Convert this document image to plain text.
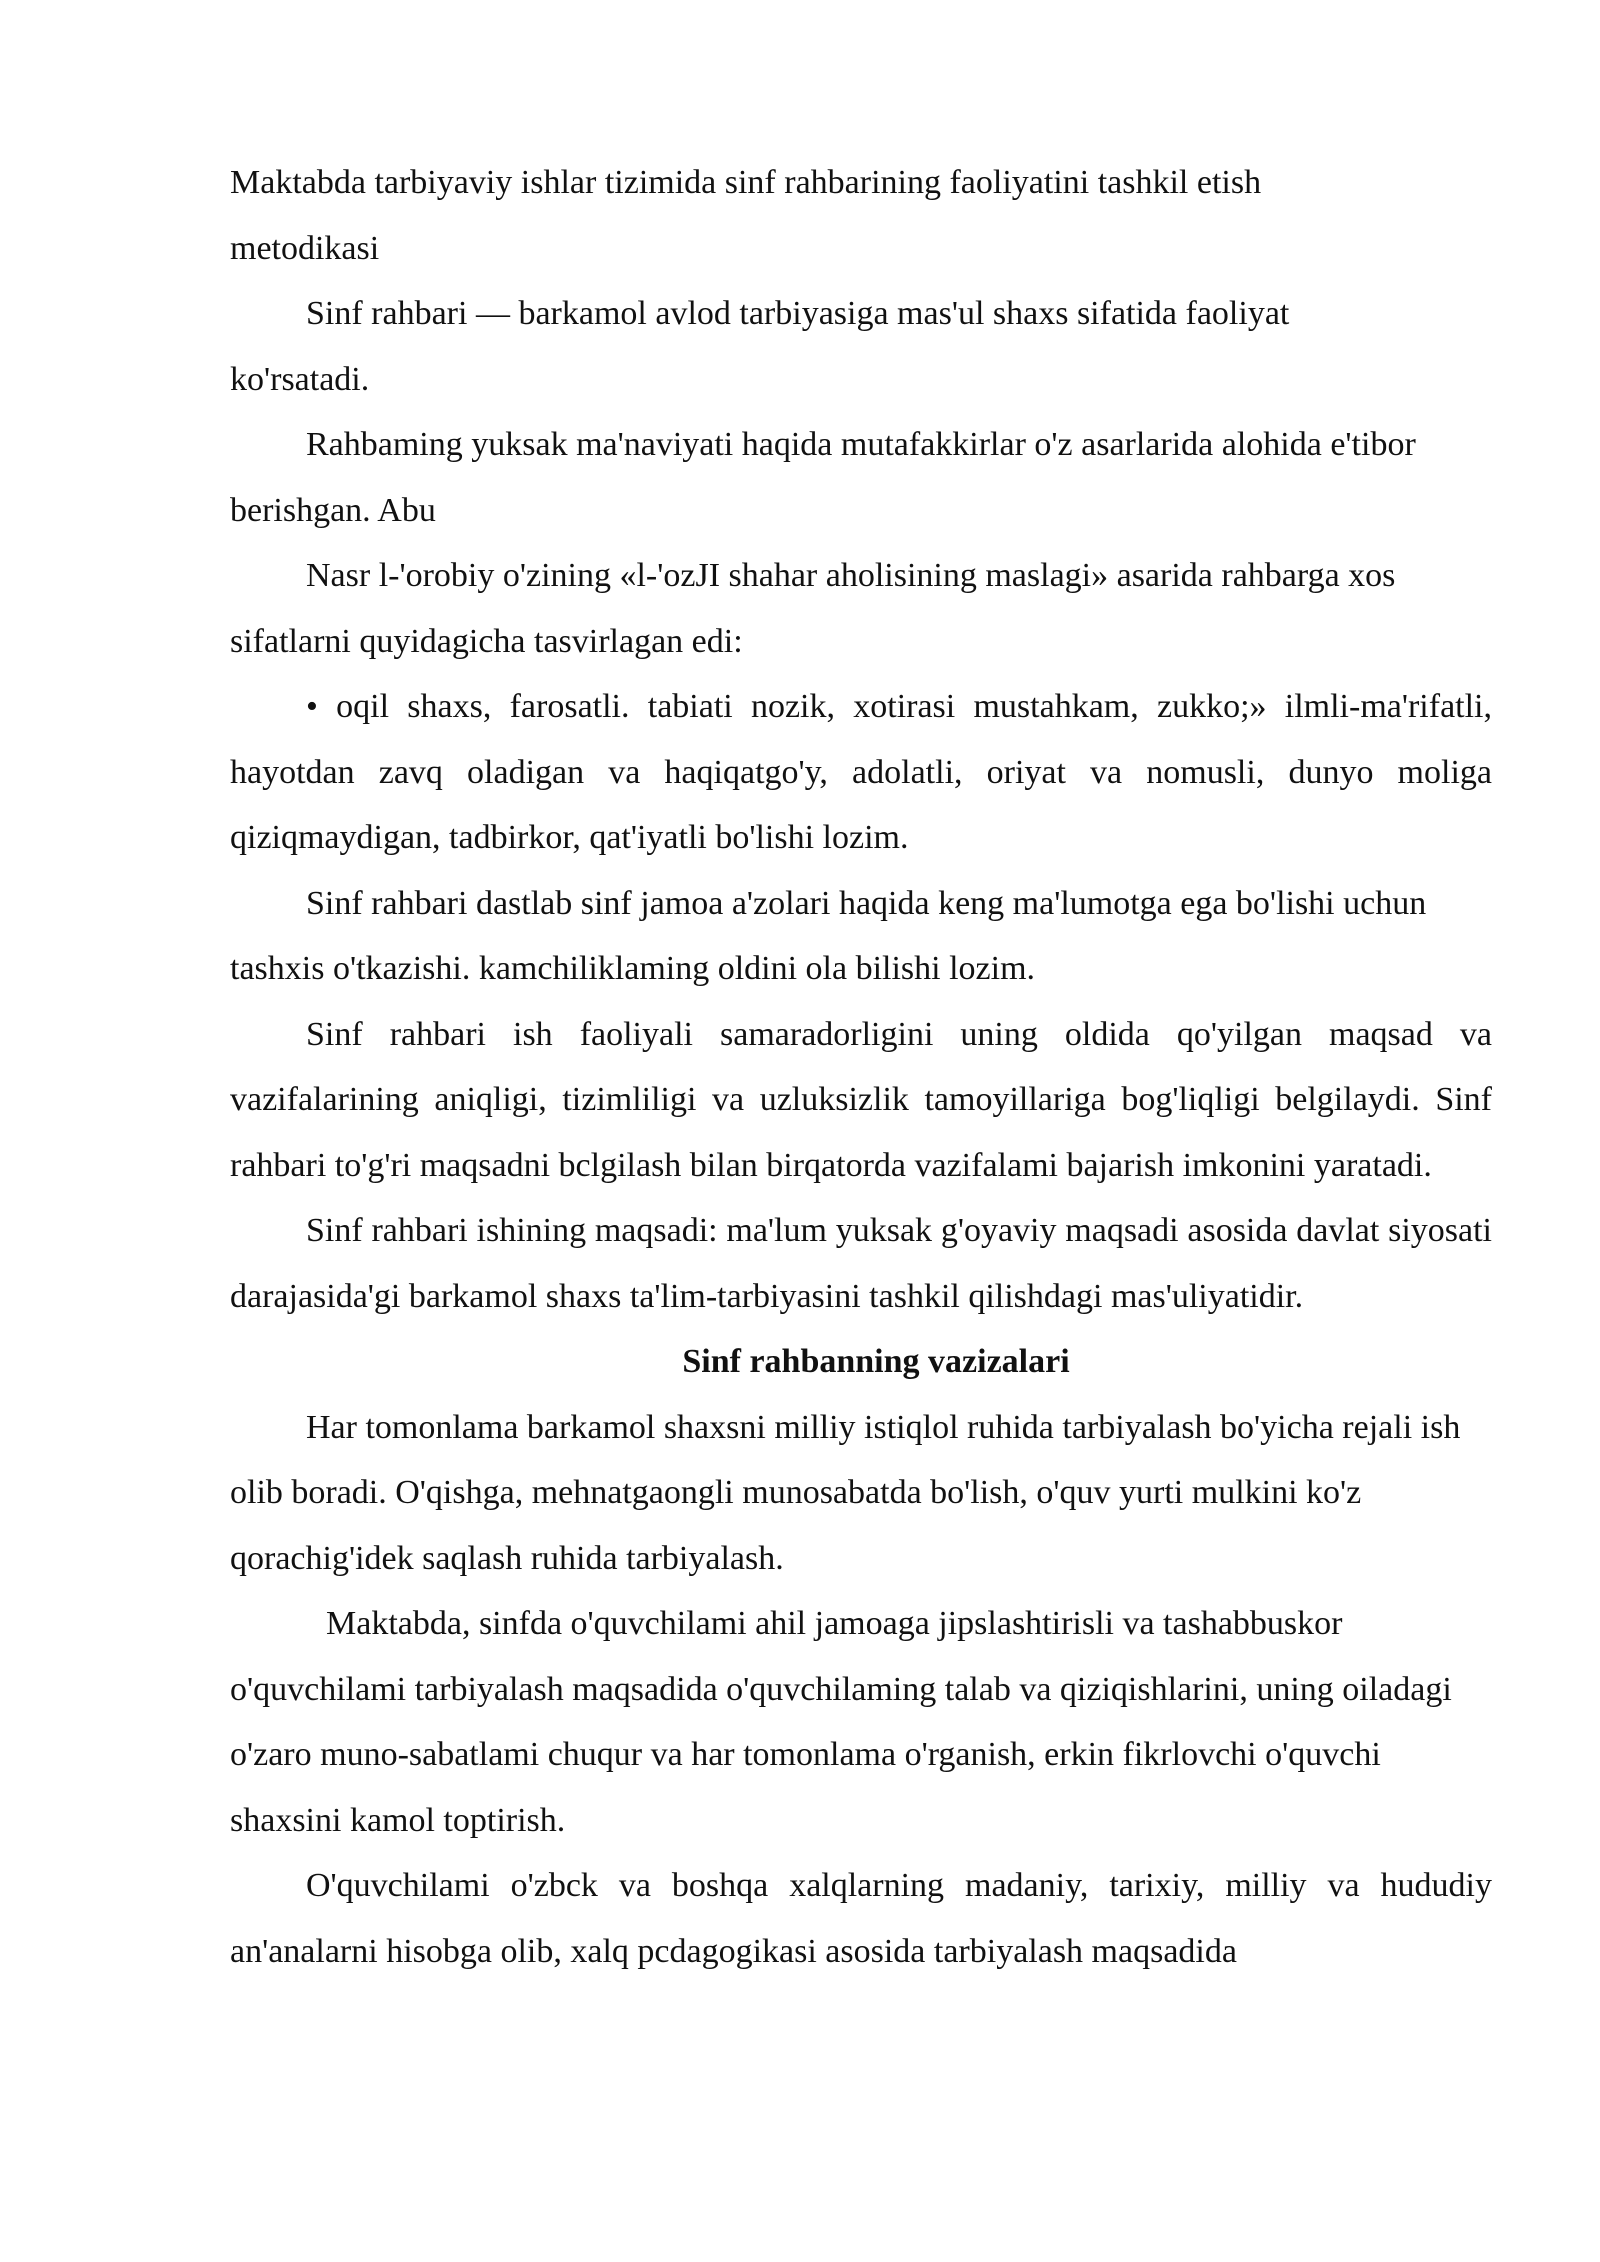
Maktabda tarbiyaviy ishlar tizimida sinf rahbarining faoliyatini tashkil etish metodikasi

Sinf rahbari — barkamol avlod tarbiyasiga mas'ul shaxs sifatida faoliyat ko'rsatadi.

Rahbaming yuksak ma'naviyati haqida mutafakkirlar o'z asarlarida alohida e'tibor berishgan. Abu

Nasr l-'orobiy o'zining «l-'ozJI shahar aholisining maslagi» asarida rahbarga xos sifatlarni quyidagicha tasvirlagan edi:

• oqil shaxs, farosatli. tabiati nozik, xotirasi mustahkam, zukko;» ilmli-ma'rifatli, hayotdan zavq oladigan va haqiqatgo'y, adolatli, oriyat va nomusli, dunyo moliga qiziqmaydigan, tadbirkor, qat'iyatli bo'lishi lozim.

Sinf rahbari dastlab sinf jamoa a'zolari haqida keng ma'lumotga ega bo'lishi uchun tashxis o'tkazishi. kamchiliklaming oldini ola bilishi lozim.

Sinf rahbari ish faoliyali samaradorligini uning oldida qo'yilgan maqsad va vazifalarining aniqligi, tizimliligi va uzluksizlik tamoyillariga bog'liqligi belgilaydi. Sinf rahbari to'g'ri maqsadni bclgilash bilan birqatorda vazifalami bajarish imkonini yaratadi.

Sinf rahbari ishining maqsadi: ma'lum yuksak g'oyaviy maqsadi asosida davlat siyosati darajasida'gi barkamol shaxs ta'lim-tarbiyasini tashkil qilishdagi mas'uliyatidir.

Sinf rahbanning vazizalari

Har tomonlama barkamol shaxsni milliy istiqlol ruhida tarbiyalash bo'yicha rejali ish olib boradi. O'qishga, mehnatgaongli munosabatda bo'lish, o'quv yurti mulkini ko'z qorachig'idek saqlash ruhida tarbiyalash.

Maktabda, sinfda o'quvchilami ahil jamoaga jipslashtirisli va tashabbuskor o'quvchilami tarbiyalash maqsadida o'quvchilaming talab va qiziqishlarini, uning oiladagi o'zaro muno-sabatlami chuqur va har tomonlama o'rganish, erkin fikrlovchi o'quvchi shaxsini kamol toptirish.

O'quvchilami o'zbck va boshqa xalqlarning madaniy, tarixiy, milliy va hududiy an'analarni hisobga olib, xalq pcdagogikasi asosida tarbiyalash maqsadida
